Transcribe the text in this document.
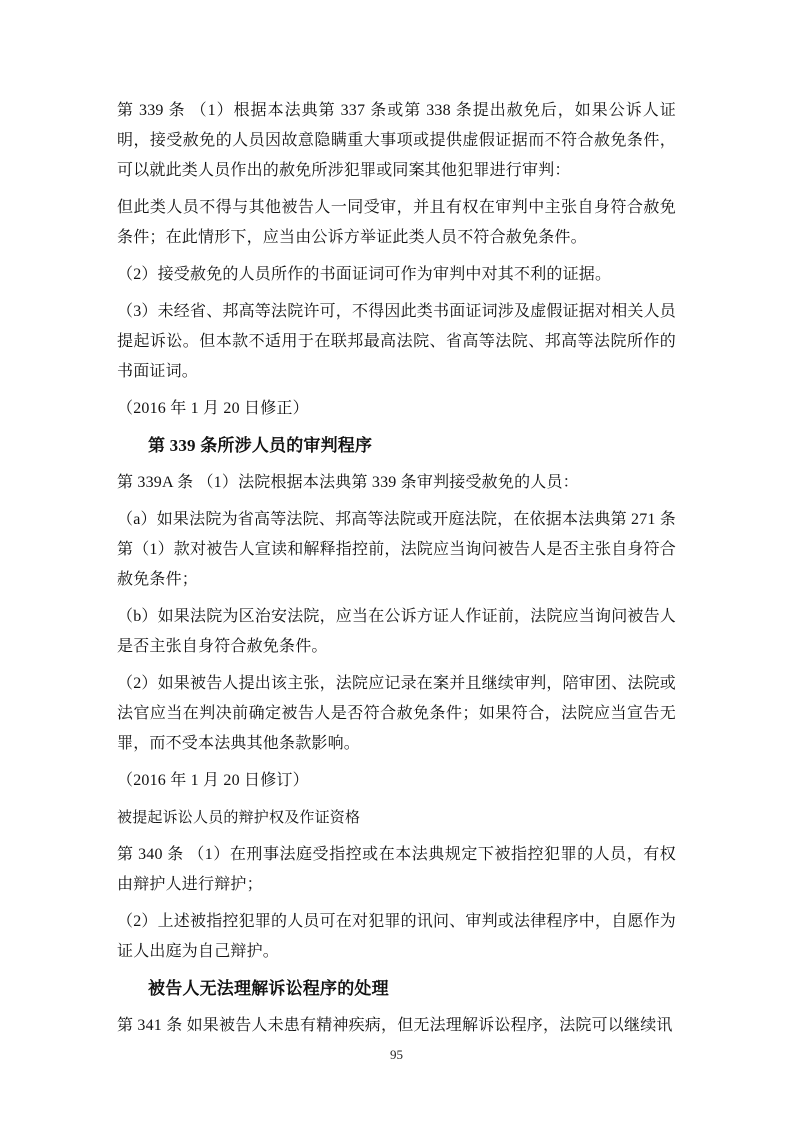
第 339 条 （1）根据本法典第 337 条或第 338 条提出赦免后，如果公诉人证明，接受赦免的人员因故意隐瞒重大事项或提供虚假证据而不符合赦免条件，可以就此类人员作出的赦免所涉犯罪或同案其他犯罪进行审判：

但此类人员不得与其他被告人一同受审，并且有权在审判中主张自身符合赦免条件；在此情形下，应当由公诉方举证此类人员不符合赦免条件。

（2）接受赦免的人员所作的书面证词可作为审判中对其不利的证据。

（3）未经省、邦高等法院许可，不得因此类书面证词涉及虚假证据对相关人员提起诉讼。但本款不适用于在联邦最高法院、省高等法院、邦高等法院所作的书面证词。

（2016 年 1 月 20 日修正）

第 339 条所涉人员的审判程序

第 339A 条 （1）法院根据本法典第 339 条审判接受赦免的人员：

（a）如果法院为省高等法院、邦高等法院或开庭法院，在依据本法典第 271 条第（1）款对被告人宣读和解释指控前，法院应当询问被告人是否主张自身符合赦免条件；

（b）如果法院为区治安法院，应当在公诉方证人作证前，法院应当询问被告人是否主张自身符合赦免条件。

（2）如果被告人提出该主张，法院应记录在案并且继续审判，陪审团、法院或法官应当在判决前确定被告人是否符合赦免条件；如果符合，法院应当宣告无罪，而不受本法典其他条款影响。

（2016 年 1 月 20 日修订）

被提起诉讼人员的辩护权及作证资格

第 340 条 （1）在刑事法庭受指控或在本法典规定下被指控犯罪的人员，有权由辩护人进行辩护；

（2）上述被指控犯罪的人员可在对犯罪的讯问、审判或法律程序中，自愿作为证人出庭为自己辩护。

被告人无法理解诉讼程序的处理

第 341 条 如果被告人未患有精神疾病，但无法理解诉讼程序，法院可以继续讯

95
